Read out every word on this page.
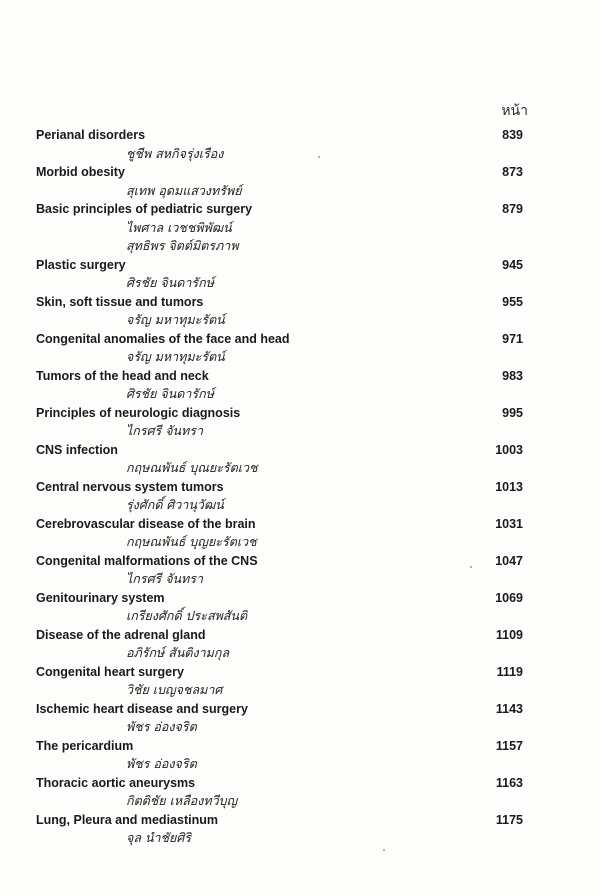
หน้า
Perianal disorders	839
ชูชีพ สหกิจรุ่งเรือง
Morbid obesity	873
สุเทพ อุดมแสวงทรัพย์
Basic principles of pediatric surgery	879
ไพศาล เวชชพิพัฒน์
สุทธิพร จิตต์มิตรภาพ
Plastic surgery	945
ศิรชัย จินดารักษ์
Skin, soft tissue and tumors	955
จรัญ มหาทุมะรัตน์
Congenital anomalies of the face and head	971
จรัญ มหาทุมะรัตน์
Tumors of the head and neck	983
ศิรชัย จินดารักษ์
Principles of neurologic diagnosis	995
ไกรศรี จันทรา
CNS infection	1003
กฤษณพันธ์ บุณยะรัตเวช
Central nervous system tumors	1013
รุ่งศักดิ์ ศิวานุวัฒน์
Cerebrovascular disease of the brain	1031
กฤษณพันธ์ บุญยะรัตเวช
Congenital malformations of the CNS	1047
ไกรศรี จันทรา
Genitourinary system	1069
เกรียงศักดิ์ ประสพสันติ
Disease of the adrenal gland	1109
อภิรักษ์ สันติงามกุล
Congenital heart surgery	1119
วิชัย เบญจชลมาศ
Ischemic heart disease and surgery	1143
พัชร อ่องจริต
The pericardium	1157
พัชร อ่องจริต
Thoracic aortic aneurysms	1163
กิตติชัย เหลืองทวีบุญ
Lung, Pleura and mediastinum	1175
จุล นำชัยศิริ
